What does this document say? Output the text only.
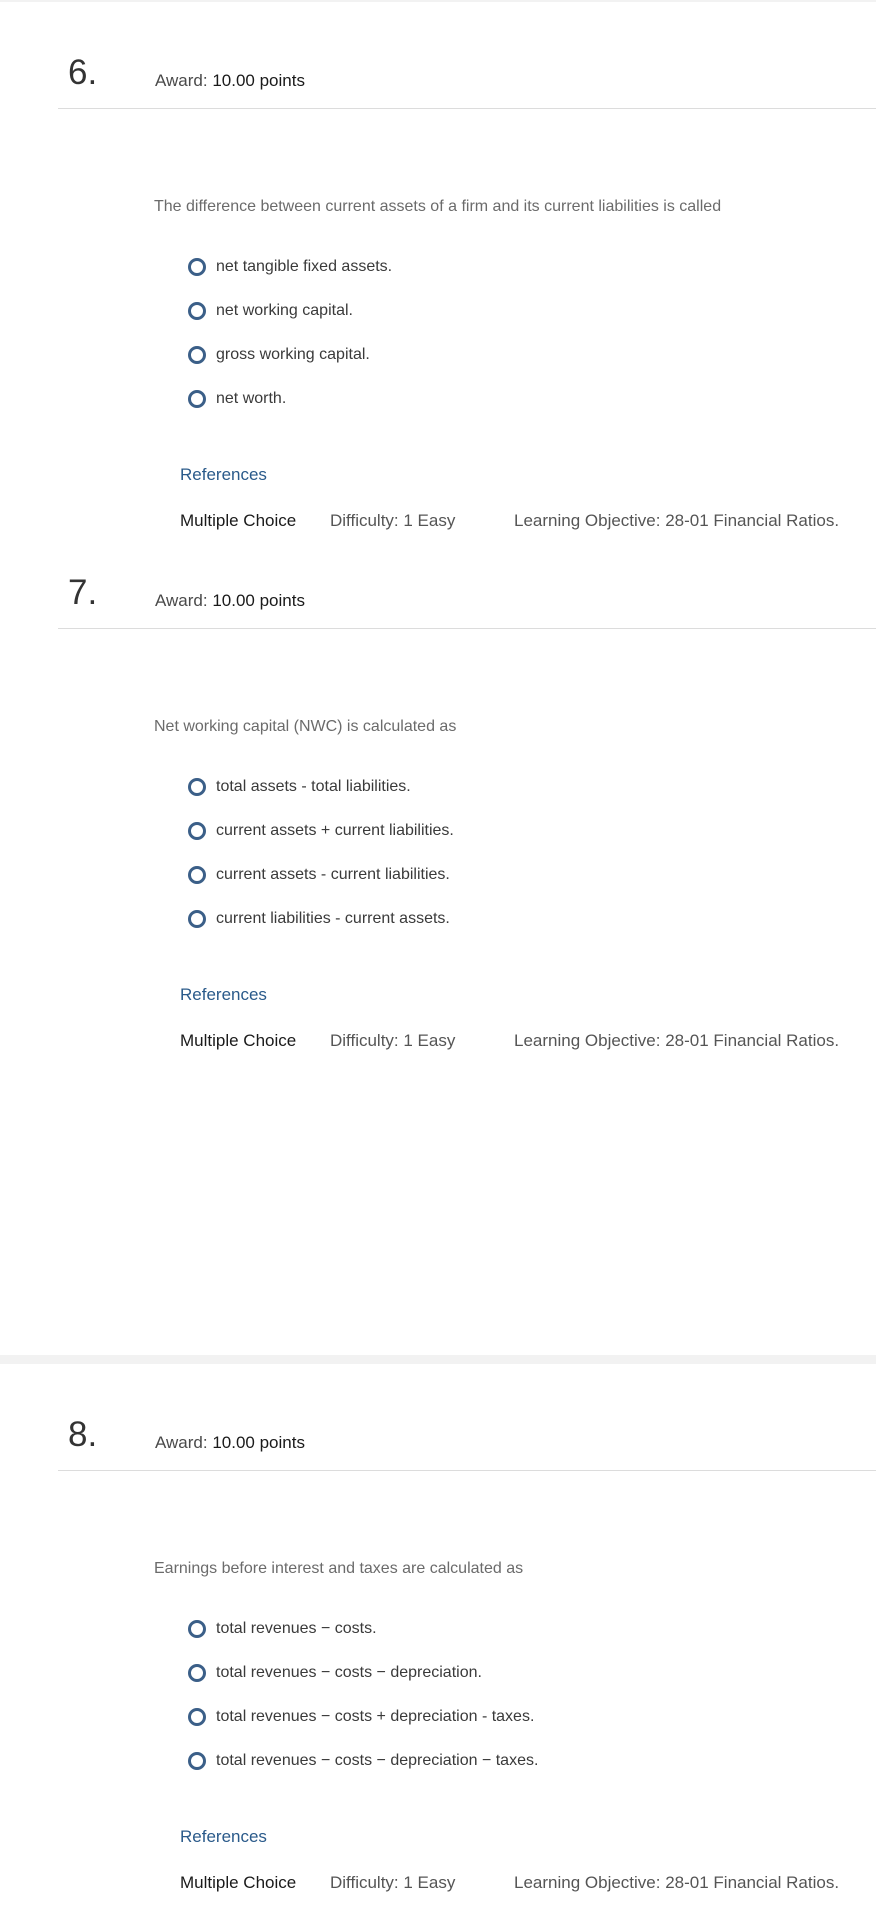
6.	Award: 10.00 points
The difference between current assets of a firm and its current liabilities is called
net tangible fixed assets.
net working capital.
gross working capital.
net worth.
References
Multiple Choice Difficulty: 1 Easy	Learning Objective: 28-01 Financial Ratios.
7.	Award: 10.00 points
Net working capital (NWC) is calculated as
total assets - total liabilities.
current assets + current liabilities.
current assets - current liabilities.
current liabilities - current assets.
References
Multiple Choice Difficulty: 1 Easy	Learning Objective: 28-01 Financial Ratios.
8.	Award: 10.00 points
Earnings before interest and taxes are calculated as
total revenues − costs.
total revenues − costs − depreciation.
total revenues − costs + depreciation - taxes.
total revenues − costs − depreciation − taxes.
References
Multiple Choice Difficulty: 1 Easy	Learning Objective: 28-01 Financial Ratios.
